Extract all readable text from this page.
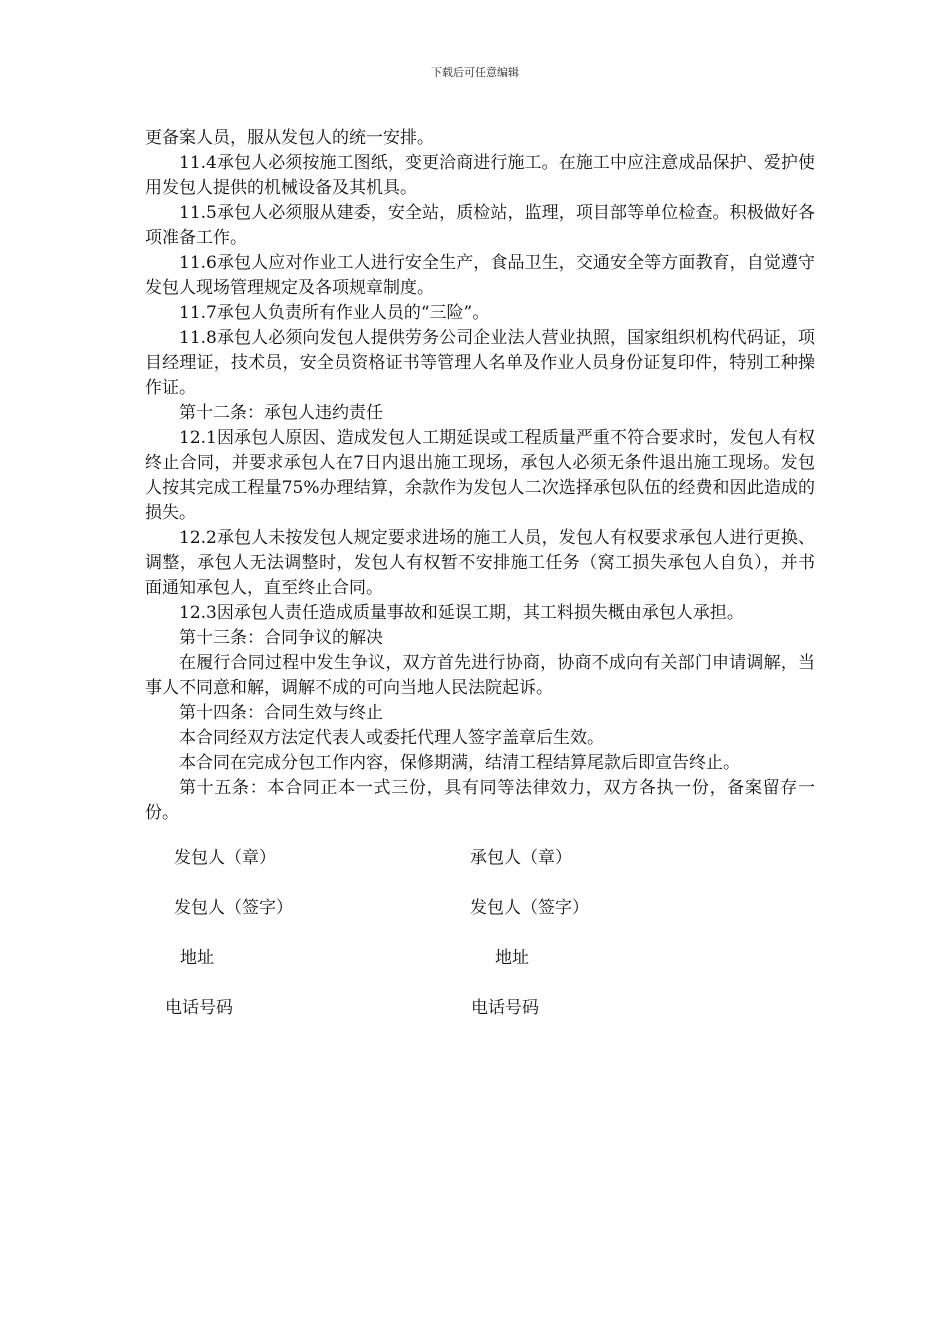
下载后可任意编辑

更备案人员，服从发包人的统一安排。

11.4承包人必须按施工图纸，变更洽商进行施工。在施工中应注意成品保护、爱护使用发包人提供的机械设备及其机具。

11.5承包人必须服从建委，安全站，质检站，监理，项目部等单位检查。积极做好各项准备工作。

11.6承包人应对作业工人进行安全生产，食品卫生，交通安全等方面教育，自觉遵守发包人现场管理规定及各项规章制度。

11.7承包人负责所有作业人员的“三险”。

11.8承包人必须向发包人提供劳务公司企业法人营业执照，国家组织机构代码证，项目经理证，技术员，安全员资格证书等管理人名单及作业人员身份证复印件，特别工种操作证。

第十二条：承包人违约责任

12.1因承包人原因、造成发包人工期延误或工程质量严重不符合要求时，发包人有权终止合同，并要求承包人在7日内退出施工现场，承包人必须无条件退出施工现场。发包人按其完成工程量75%办理结算，余款作为发包人二次选择承包队伍的经费和因此造成的损失。

12.2承包人未按发包人规定要求进场的施工人员，发包人有权要求承包人进行更换、调整，承包人无法调整时，发包人有权暂不安排施工任务（窝工损失承包人自负），并书面通知承包人，直至终止合同。

12.3因承包人责任造成质量事故和延误工期，其工料损失概由承包人承担。

第十三条：合同争议的解决

在履行合同过程中发生争议，双方首先进行协商，协商不成向有关部门申请调解，当事人不同意和解，调解不成的可向当地人民法院起诉。

第十四条：合同生效与终止

本合同经双方法定代表人或委托代理人签字盖章后生效。

本合同在完成分包工作内容，保修期满，结清工程结算尾款后即宣告终止。

第十五条：本合同正本一式三份，具有同等法律效力，双方各执一份，备案留存一份。

发包人（章）	承包人（章）
发包人（签字）	发包人（签字）
地址	地址
电话号码	电话号码
